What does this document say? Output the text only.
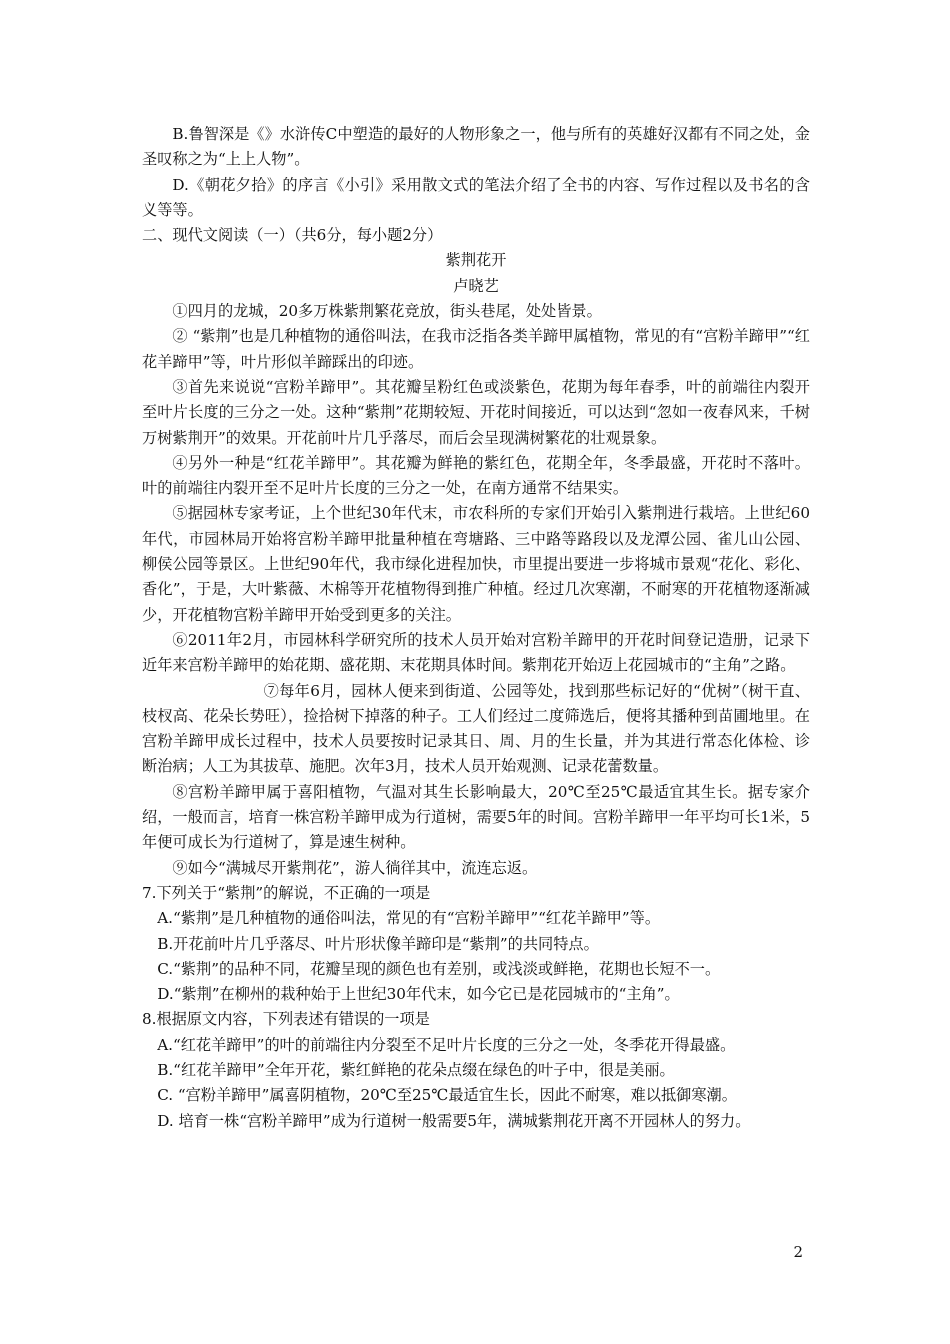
B.鲁智深是《》水浒传C中塑造的最好的人物形象之一，他与所有的英雄好汉都有不同之处，金圣叹称之为“上上人物”。

D.《朝花夕拾》的序言《小引》采用散文式的笔法介绍了全书的内容、写作过程以及书名的含义等等。

二、现代文阅读（一）（共6分，每小题2分）

紫荆花开

卢晓艺

①四月的龙城，20多万株紫荆繁花竞放，街头巷尾，处处皆景。

② “紫荆”也是几种植物的通俗叫法，在我市泛指各类羊蹄甲属植物，常见的有“宫粉羊蹄甲”“红花羊蹄甲”等，叶片形似羊蹄踩出的印迹。

③首先来说说“宫粉羊蹄甲”。其花瓣呈粉红色或淡紫色，花期为每年春季，叶的前端往内裂开至叶片长度的三分之一处。这种“紫荆”花期较短、开花时间接近，可以达到“忽如一夜春风来，千树万树紫荆开”的效果。开花前叶片几乎落尽，而后会呈现满树繁花的壮观景象。

④另外一种是“红花羊蹄甲”。其花瓣为鲜艳的紫红色，花期全年，冬季最盛，开花时不落叶。叶的前端往内裂开至不足叶片长度的三分之一处，在南方通常不结果实。

⑤据园林专家考证，上个世纪30年代末，市农科所的专家们开始引入紫荆进行栽培。上世纪60年代，市园林局开始将宫粉羊蹄甲批量种植在弯塘路、三中路等路段以及龙潭公园、雀儿山公园、柳侯公园等景区。上世纪90年代，我市绿化进程加快，市里提出要进一步将城市景观“花化、彩化、香化”，于是，大叶紫薇、木棉等开花植物得到推广种植。经过几次寒潮，不耐寒的开花植物逐渐减少，开花植物宫粉羊蹄甲开始受到更多的关注。

⑥2011年2月，市园林科学研究所的技术人员开始对宫粉羊蹄甲的开花时间登记造册，记录下近年来宫粉羊蹄甲的始花期、盛花期、末花期具体时间。紫荆花开始迈上花园城市的“主角”之路。

⑦每年6月，园林人便来到街道、公园等处，找到那些标记好的“优树”（树干直、枝杈高、花朵长势旺），捡拾树下掉落的种子。工人们经过二度筛选后，便将其播种到苗圃地里。在宫粉羊蹄甲成长过程中，技术人员要按时记录其日、周、月的生长量，并为其进行常态化体检、诊断治病；人工为其拔草、施肥。次年3月，技术人员开始观测、记录花蕾数量。

⑧宫粉羊蹄甲属于喜阳植物，气温对其生长影响最大，20℃至25℃最适宜其生长。据专家介绍，一般而言，培育一株宫粉羊蹄甲成为行道树，需要5年的时间。宫粉羊蹄甲一年平均可长1米，5年便可成长为行道树了，算是速生树种。

⑨如今“满城尽开紫荆花”，游人徜徉其中，流连忘返。

7.下列关于“紫荆”的解说，不正确的一项是

A.“紫荆”是几种植物的通俗叫法，常见的有“宫粉羊蹄甲”“红花羊蹄甲”等。

B.开花前叶片几乎落尽、叶片形状像羊蹄印是“紫荆”的共同特点。

C.“紫荆”的品种不同，花瓣呈现的颜色也有差别，或浅淡或鲜艳，花期也长短不一。

D.“紫荆”在柳州的栽种始于上世纪30年代末，如今它已是花园城市的“主角”。

8.根据原文内容，下列表述有错误的一项是

A.“红花羊蹄甲”的叶的前端往内分裂至不足叶片长度的三分之一处，冬季花开得最盛。

B.“红花羊蹄甲”全年开花，紫红鲜艳的花朵点缀在绿色的叶子中，很是美丽。

C. “宫粉羊蹄甲”属喜阴植物，20℃至25℃最适宜生长，因此不耐寒，难以抵御寒潮。

D. 培育一株“宫粉羊蹄甲”成为行道树一般需要5年，满城紫荆花开离不开园林人的努力。

2
